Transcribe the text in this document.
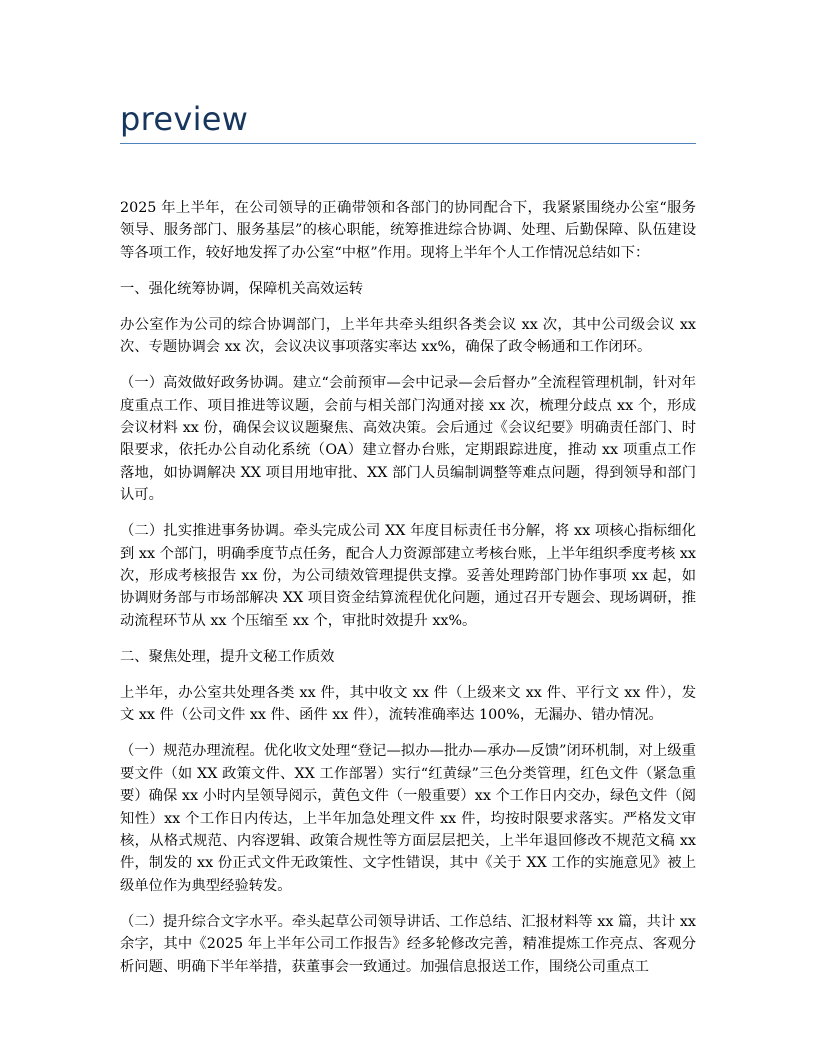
preview

2025 年上半年，在公司领导的正确带领和各部门的协同配合下，我紧紧围绕办公室“服务领导、服务部门、服务基层”的核心职能，统筹推进综合协调、处理、后勤保障、队伍建设等各项工作，较好地发挥了办公室“中枢”作用。现将上半年个人工作情况总结如下：

一、强化统筹协调，保障机关高效运转

办公室作为公司的综合协调部门，上半年共牵头组织各类会议 xx 次，其中公司级会议 xx 次、专题协调会 xx 次，会议决议事项落实率达 xx%，确保了政令畅通和工作闭环。

（一）高效做好政务协调。建立“会前预审—会中记录—会后督办”全流程管理机制，针对年度重点工作、项目推进等议题，会前与相关部门沟通对接 xx 次，梳理分歧点 xx 个，形成会议材料 xx 份，确保会议议题聚焦、高效决策。会后通过《会议纪要》明确责任部门、时限要求，依托办公自动化系统（OA）建立督办台账，定期跟踪进度，推动 xx 项重点工作落地，如协调解决 XX 项目用地审批、XX 部门人员编制调整等难点问题，得到领导和部门认可。

（二）扎实推进事务协调。牵头完成公司 XX 年度目标责任书分解，将 xx 项核心指标细化到 xx 个部门，明确季度节点任务，配合人力资源部建立考核台账，上半年组织季度考核 xx 次，形成考核报告 xx 份，为公司绩效管理提供支撑。妥善处理跨部门协作事项 xx 起，如协调财务部与市场部解决 XX 项目资金结算流程优化问题，通过召开专题会、现场调研，推动流程环节从 xx 个压缩至 xx 个，审批时效提升 xx%。

二、聚焦处理，提升文秘工作质效

上半年，办公室共处理各类 xx 件，其中收文 xx 件（上级来文 xx 件、平行文 xx 件），发文 xx 件（公司文件 xx 件、函件 xx 件），流转准确率达 100%，无漏办、错办情况。

（一）规范办理流程。优化收文处理“登记—拟办—批办—承办—反馈”闭环机制，对上级重要文件（如 XX 政策文件、XX 工作部署）实行“红黄绿”三色分类管理，红色文件（紧急重要）确保 xx 小时内呈领导阅示，黄色文件（一般重要）xx 个工作日内交办，绿色文件（阅知性）xx 个工作日内传达，上半年加急处理文件 xx 件，均按时限要求落实。严格发文审核，从格式规范、内容逻辑、政策合规性等方面层层把关，上半年退回修改不规范文稿 xx 件，制发的 xx 份正式文件无政策性、文字性错误，其中《关于 XX 工作的实施意见》被上级单位作为典型经验转发。

（二）提升综合文字水平。牵头起草公司领导讲话、工作总结、汇报材料等 xx 篇，共计 xx 余字，其中《2025 年上半年公司工作报告》经多轮修改完善，精准提炼工作亮点、客观分析问题、明确下半年举措，获董事会一致通过。加强信息报送工作，围绕公司重点工
